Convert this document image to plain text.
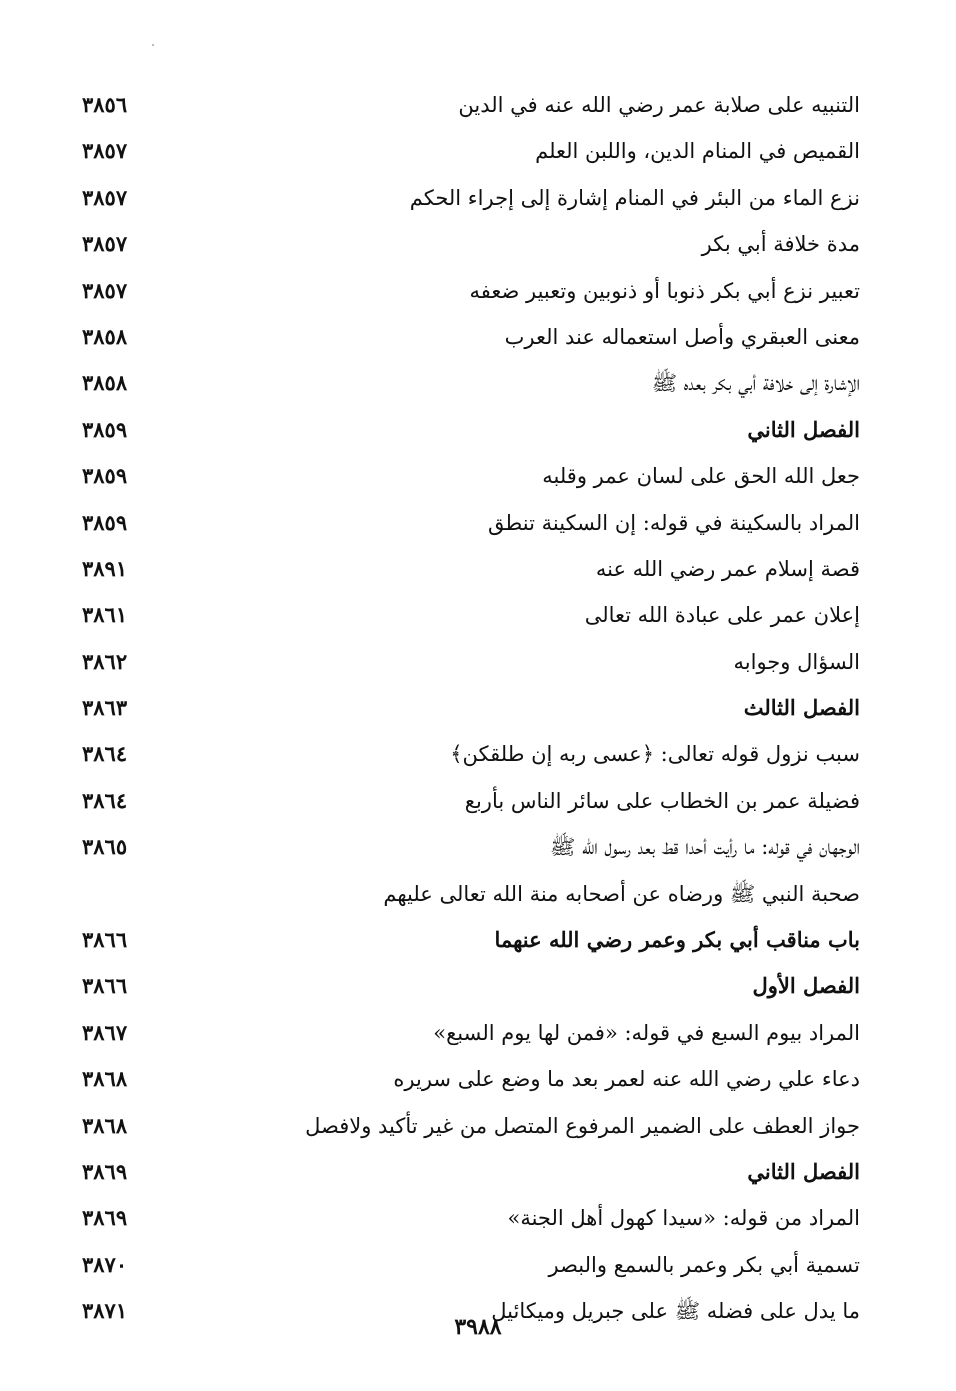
التنبيه على صلابة عمر رضي الله عنه في الدين
٣٨٥٦
القميص في المنام الدين، واللبن العلم
٣٨٥٧
نزع الماء من البئر في المنام إشارة إلى إجراء الحكم
٣٨٥٧
مدة خلافة أبي بكر
٣٨٥٧
تعبير نزع أبي بكر ذنوبا أو ذنوبين وتعبير ضعفه
٣٨٥٧
معنى العبقري وأصل استعماله عند العرب
٣٨٥٨
الإشارة إلى خلافة أبي بكر بعده ﷺ
٣٨٥٨
الفصل الثاني
٣٨٥٩
جعل الله الحق على لسان عمر وقلبه
٣٨٥٩
المراد بالسكينة في قوله: إن السكينة تنطق
٣٨٥٩
قصة إسلام عمر رضي الله عنه
٣٨٩١
إعلان عمر على عبادة الله تعالى
٣٨٦١
السؤال وجوابه
٣٨٦٢
الفصل الثالث
٣٨٦٣
سبب نزول قوله تعالى: ﴿عسى ربه إن طلقكن﴾
٣٨٦٤
فضيلة عمر بن الخطاب على سائر الناس بأربع
٣٨٦٤
الوجهان في قوله: ما رأيت أحدا قط بعد رسول الله ﷺ
٣٨٦٥
صحبة النبي ﷺ ورضاه عن أصحابه منة الله تعالى عليهم
باب مناقب أبي بكر وعمر رضي الله عنهما
٣٨٦٦
الفصل الأول
٣٨٦٦
المراد بيوم السبع في قوله: «فمن لها يوم السبع»
٣٨٦٧
دعاء علي رضي الله عنه لعمر بعد ما وضع على سريره
٣٨٦٨
جواز العطف على الضمير المرفوع المتصل من غير تأكيد ولافصل
٣٨٦٨
الفصل الثاني
٣٨٦٩
المراد من قوله: «سيدا كهول أهل الجنة»
٣٨٦٩
تسمية أبي بكر وعمر بالسمع والبصر
٣٨٧٠
ما يدل على فضله ﷺ على جبريل وميكائيل
٣٨٧١
٣٩٨٨
